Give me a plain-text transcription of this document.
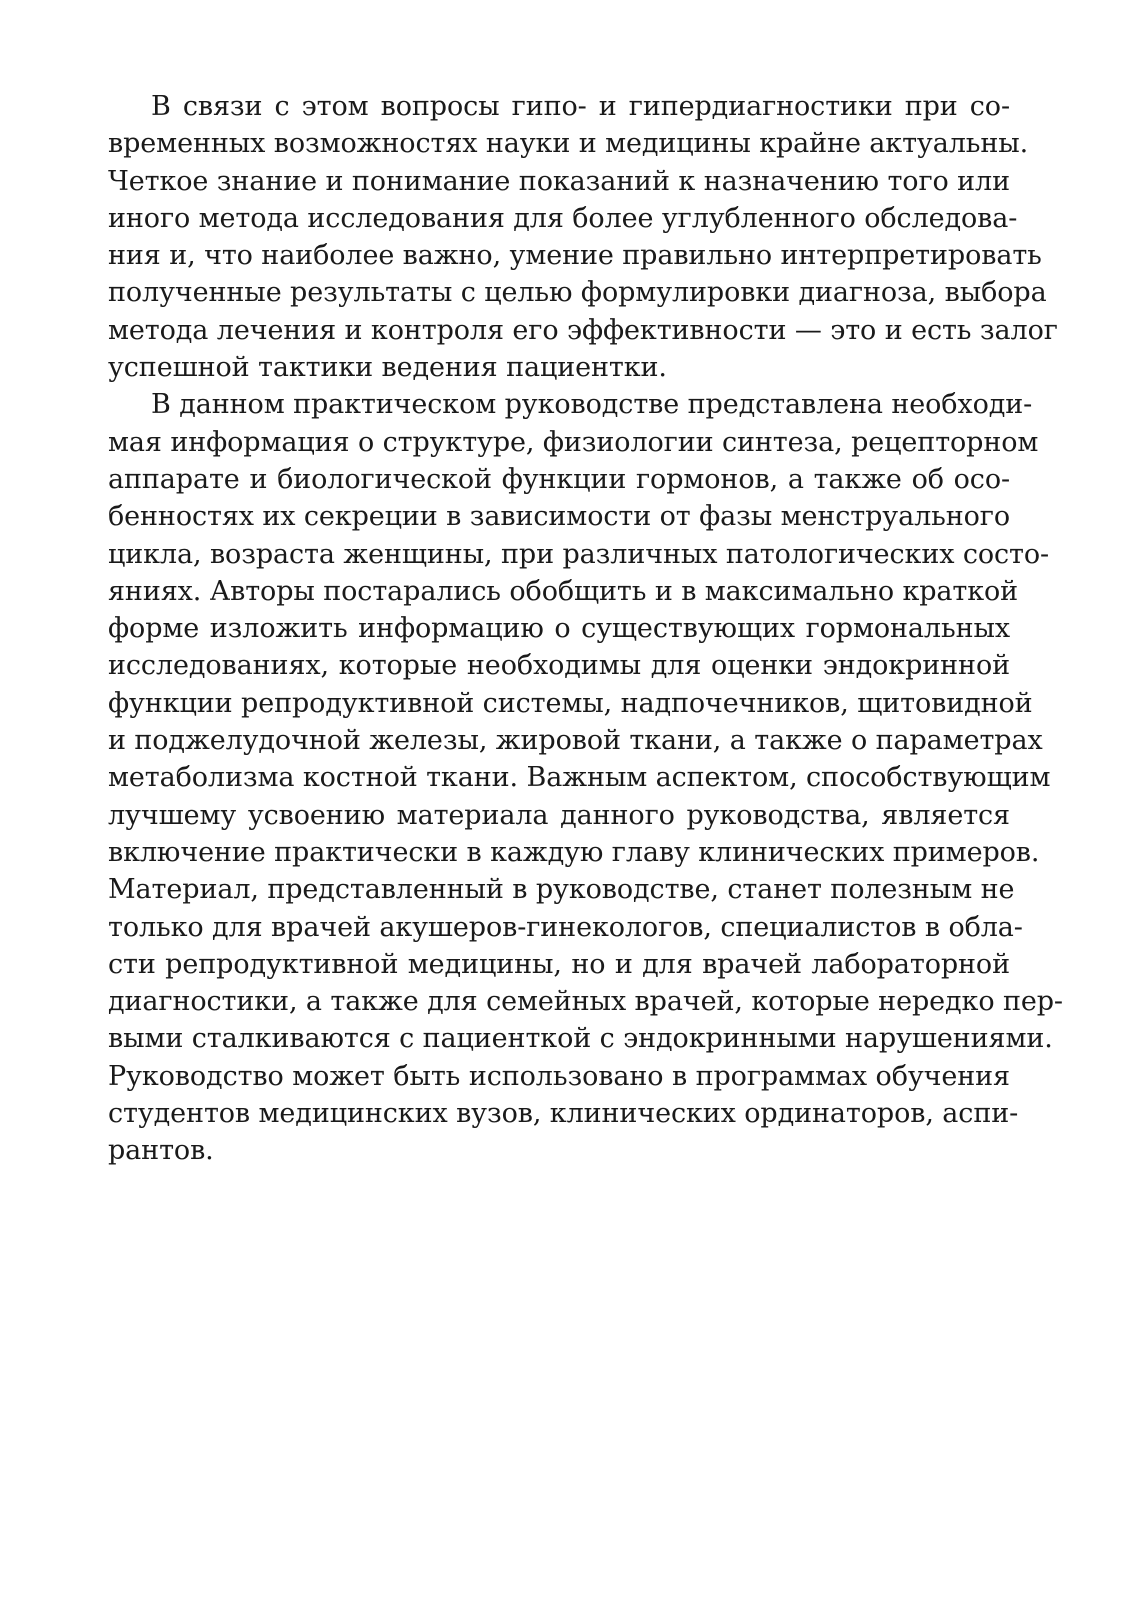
В связи с этом вопросы гипо- и гипердиагностики при со-
временных возможностях науки и медицины крайне актуальны.
Четкое знание и понимание показаний к назначению того или
иного метода исследования для более углубленного обследова-
ния и, что наиболее важно, умение правильно интерпретировать
полученные результаты с целью формулировки диагноза, выбора
метода лечения и контроля его эффективности — это и есть залог
успешной тактики ведения пациентки.
В данном практическом руководстве представлена необходи-
мая информация о структуре, физиологии синтеза, рецепторном
аппарате и биологической функции гормонов, а также об осо-
бенностях их секреции в зависимости от фазы менструального
цикла, возраста женщины, при различных патологических состо-
яниях. Авторы постарались обобщить и в максимально краткой
форме изложить информацию о существующих гормональных
исследованиях, которые необходимы для оценки эндокринной
функции репродуктивной системы, надпочечников, щитовидной
и поджелудочной железы, жировой ткани, а также о параметрах
метаболизма костной ткани. Важным аспектом, способствующим
лучшему усвоению материала данного руководства, является
включение практически в каждую главу клинических примеров.
Материал, представленный в руководстве, станет полезным не
только для врачей акушеров-гинекологов, специалистов в обла-
сти репродуктивной медицины, но и для врачей лабораторной
диагностики, а также для семейных врачей, которые нередко пер-
выми сталкиваются с пациенткой с эндокринными нарушениями.
Руководство может быть использовано в программах обучения
студентов медицинских вузов, клинических ординаторов, аспи-
рантов.
